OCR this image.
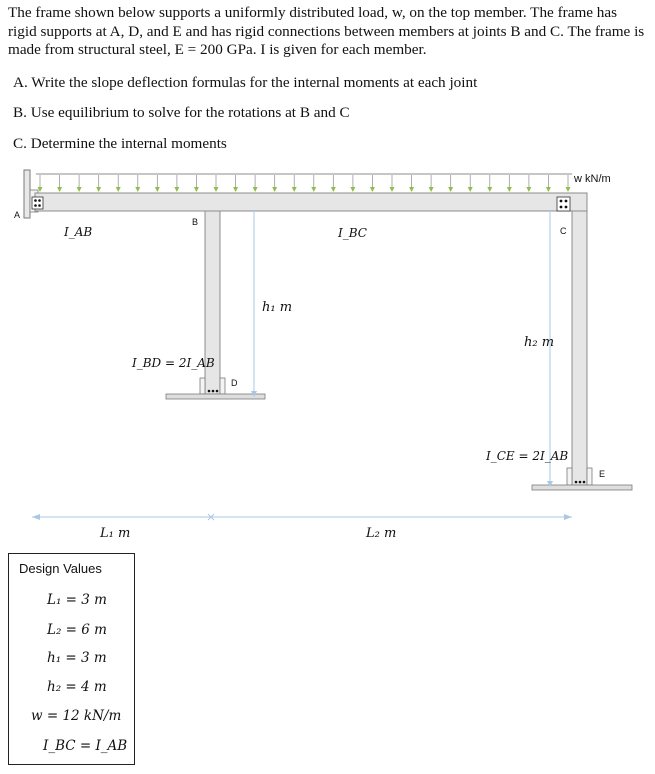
The frame shown below supports a uniformly distributed load, w, on the top member. The frame has rigid supports at A, D, and E and has rigid connections between members at joints B and C. The frame is made from structural steel, E = 200 GPa. I is given for each member.
A. Write the slope deflection formulas for the internal moments at each joint
B. Use equilibrium to solve for the rotations at B and C
C. Determine the internal moments
w kN/m
A
B
C
D
E
I_AB	I_BC
I_BD = 2I_AB
I_CE = 2I_AB
h₁ m
h₂ m
L₁ m	L₂ m
Design Values
L₁ = 3 m
L₂ = 6 m
h₁ = 3 m
h₂ = 4 m
w = 12 kN/m
I_BC = I_AB
